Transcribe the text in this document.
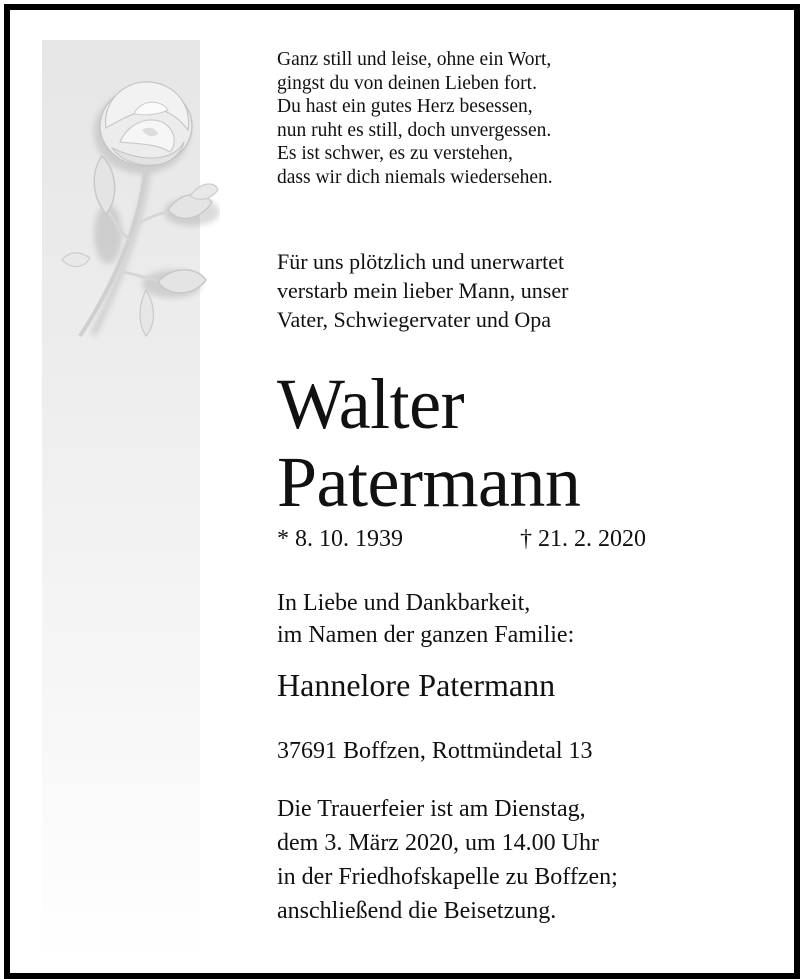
Ganz still und leise, ohne ein Wort,
gingst du von deinen Lieben fort.
Du hast ein gutes Herz besessen,
nun ruht es still, doch unvergessen.
Es ist schwer, es zu verstehen,
dass wir dich niemals wiedersehen.
Für uns plötzlich und unerwartet
verstarb mein lieber Mann, unser
Vater, Schwiegervater und Opa
Walter
Patermann
* 8. 10. 1939	† 21. 2. 2020
In Liebe und Dankbarkeit,
im Namen der ganzen Familie:
Hannelore Patermann
37691 Boffzen, Rottmündetal 13
Die Trauerfeier ist am Dienstag,
dem 3. März 2020, um 14.00 Uhr
in der Friedhofskapelle zu Boffzen;
anschließend die Beisetzung.
